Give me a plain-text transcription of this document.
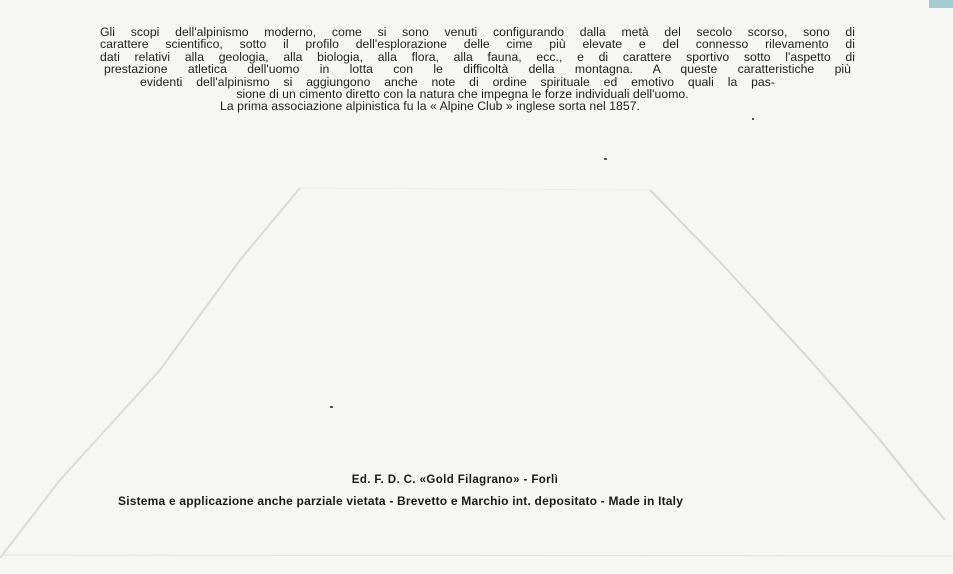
Gli scopi dell'alpinismo moderno, come si sono venuti configurando dalla metà del secolo scorso, sono di
carattere scientifico, sotto il profilo dell'esplorazione delle cime più elevate e del connesso rilevamento di
dati relativi alla geologia, alla biologia, alla flora, alla fauna, ecc., e di carattere sportivo sotto l'aspetto di
prestazione atletica dell'uomo in lotta con le difficoltà della montagna. A queste caratteristiche più
evidenti dell'alpinismo si aggiungono anche note di ordine spirituale ed emotivo quali la pas-
sione di un cimento diretto con la natura che impegna le forze individuali dell'uomo.
La prima associazione alpinistica fu la « Alpine Club » inglese sorta nel 1857.
Ed. F. D. C. «Gold Filagrano» - Forlì
Sistema e applicazione anche parziale vietata - Brevetto e Marchio int. depositato - Made in Italy
